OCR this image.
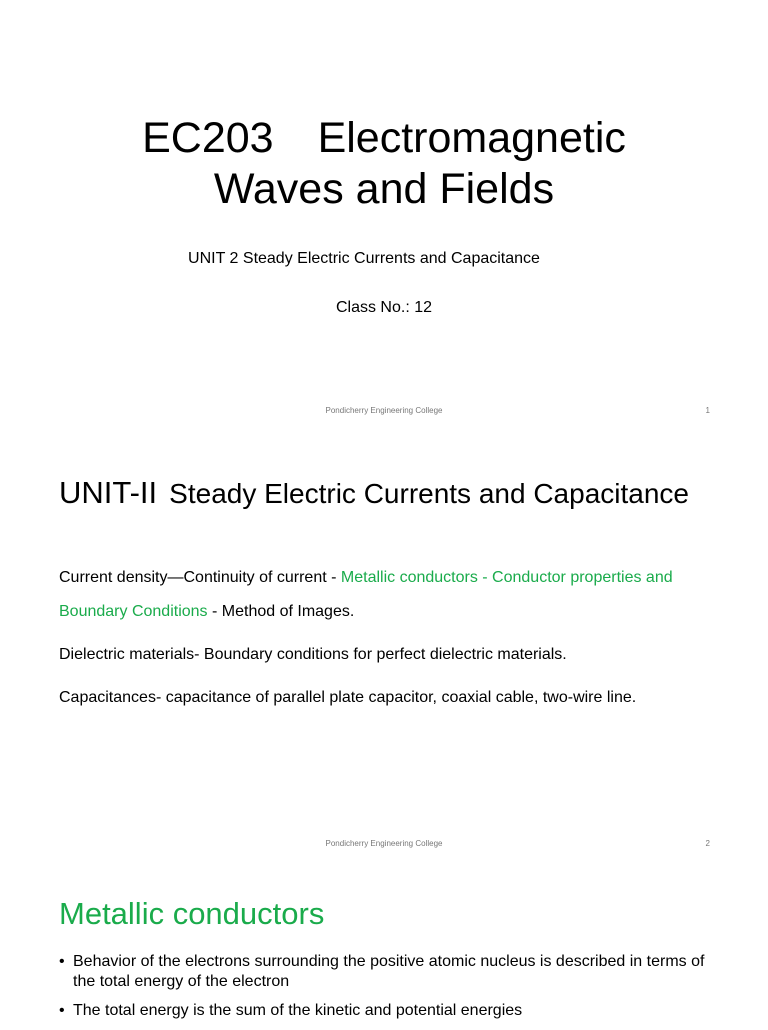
EC203 Electromagnetic
Waves and Fields
UNIT 2 Steady Electric Currents and Capacitance
Class No.: 12
Pondicherry Engineering College	1
UNIT-II Steady Electric Currents and Capacitance

Current density—Continuity of current - Metallic conductors - Conductor properties and Boundary Conditions - Method of Images.

Dielectric materials- Boundary conditions for perfect dielectric materials.

Capacitances- capacitance of parallel plate capacitor, coaxial cable, two-wire line.

Pondicherry Engineering College	2
Metallic conductors
• Behavior of the electrons surrounding the positive atomic nucleus is described in terms of the total energy of the electron
• The total energy is the sum of the kinetic and potential energies
